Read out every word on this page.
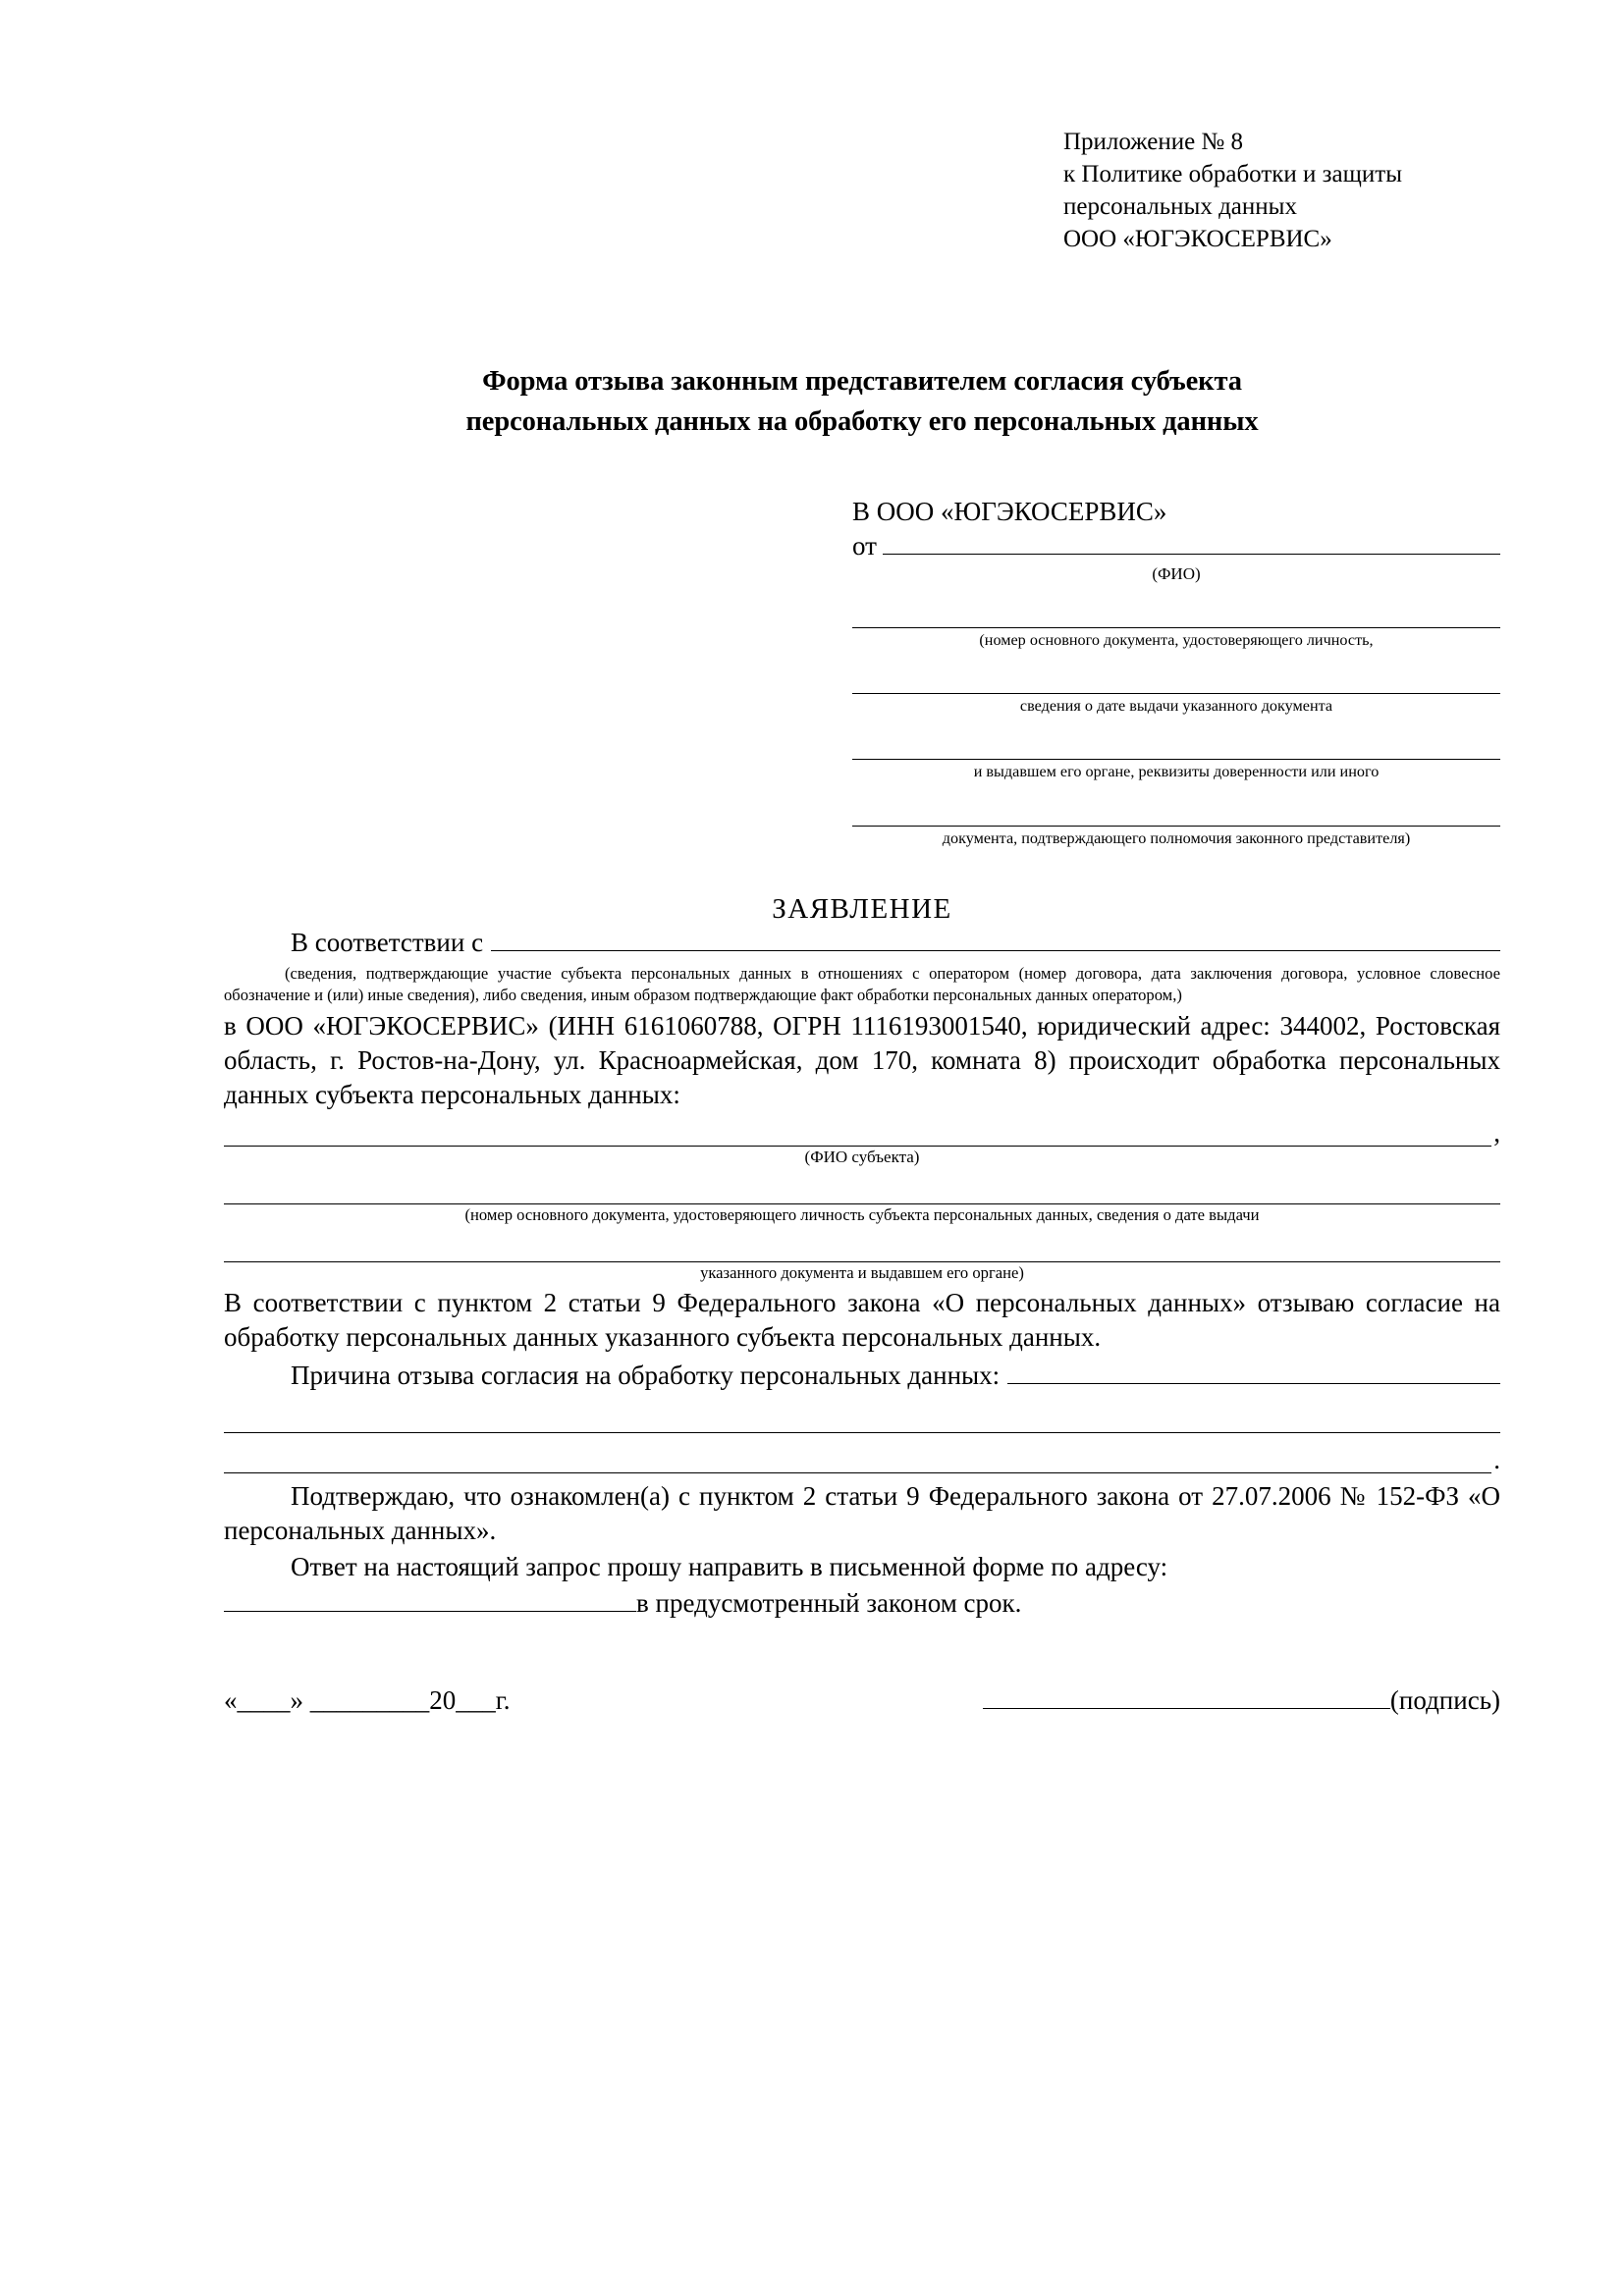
Приложение № 8
к Политике обработки и защиты
персональных данных
ООО «ЮГЭКОСЕРВИС»
Форма отзыва законным представителем согласия субъекта
персональных данных на обработку его персональных данных
В ООО «ЮГЭКОСЕРВИС»
от
(ФИО)
(номер основного документа, удостоверяющего личность,
сведения о дате выдачи указанного документа
и выдавшем его органе, реквизиты доверенности или иного
документа, подтверждающего полномочия законного представителя)
ЗАЯВЛЕНИЕ
В соответствии с
(сведения, подтверждающие участие субъекта персональных данных в отношениях с оператором (номер договора, дата заключения договора, условное словесное обозначение и (или) иные сведения), либо сведения, иным образом подтверждающие факт обработки персональных данных оператором,)
в ООО «ЮГЭКОСЕРВИС» (ИНН 6161060788, ОГРН 1116193001540, юридический адрес: 344002, Ростовская область, г. Ростов-на-Дону, ул. Красноармейская, дом 170, комната 8) происходит обработка персональных данных субъекта персональных данных:
,
(ФИО субъекта)
(номер основного документа, удостоверяющего личность субъекта персональных данных, сведения о дате выдачи
указанного документа и выдавшем его органе)
В соответствии с пунктом 2 статьи 9 Федерального закона «О персональных данных» отзываю согласие на обработку персональных данных указанного субъекта персональных данных.
Причина отзыва согласия на обработку персональных данных:
.
Подтверждаю, что ознакомлен(а) с пунктом 2 статьи 9 Федерального закона от 27.07.2006 № 152-ФЗ «О персональных данных».
Ответ на настоящий запрос прошу направить в письменной форме по адресу:
в предусмотренный законом срок.
«____» _________20___г.	(подпись)
